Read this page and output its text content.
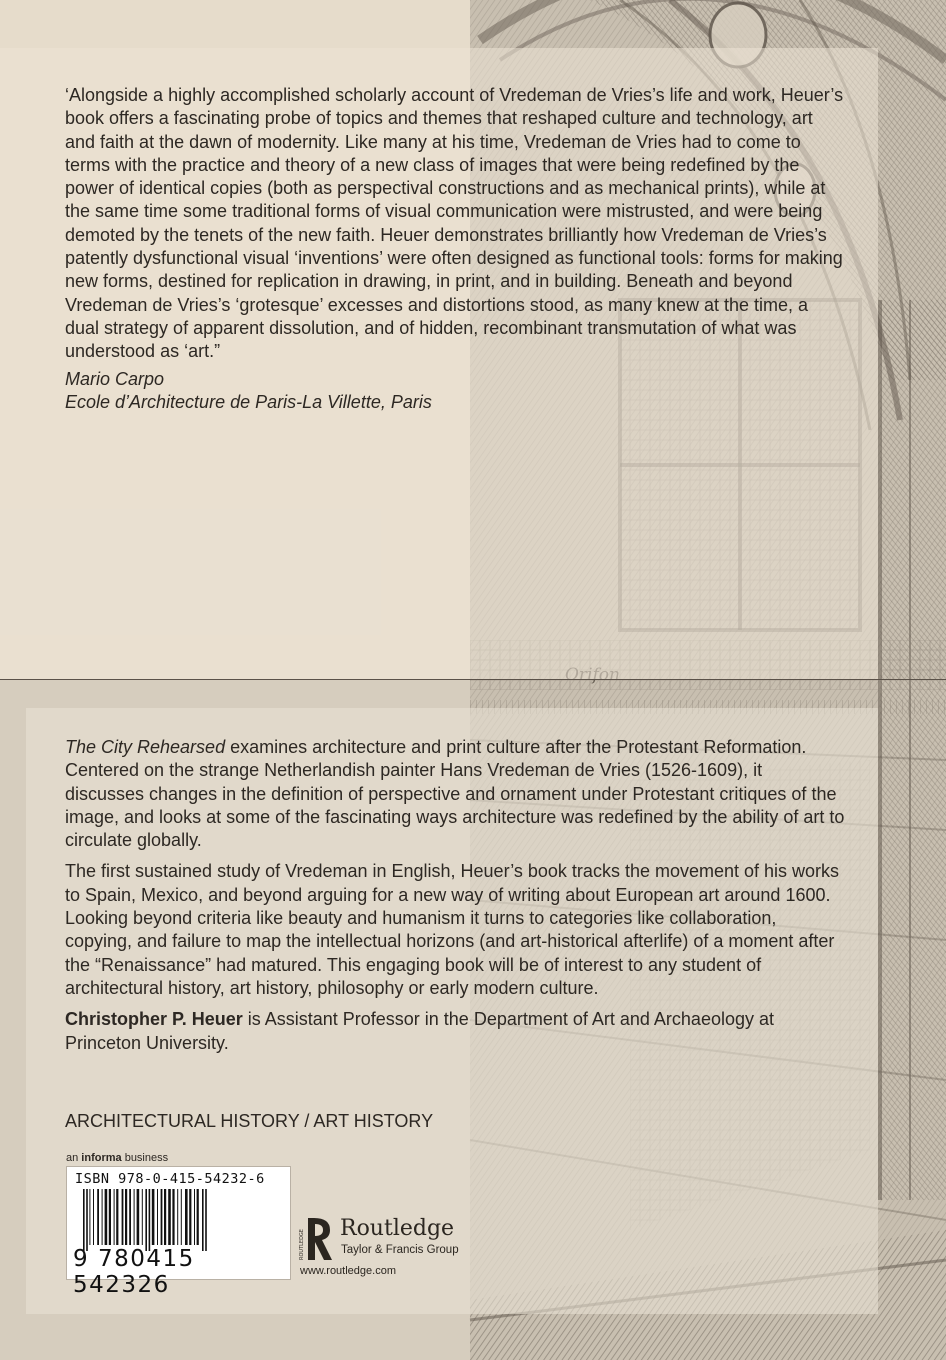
‘Alongside a highly accomplished scholarly account of Vredeman de Vries’s life and work, Heuer’s book offers a fascinating probe of topics and themes that reshaped culture and technology, art and faith at the dawn of modernity. Like many at his time, Vredeman de Vries had to come to terms with the practice and theory of a new class of images that were being redefined by the power of identical copies (both as perspectival constructions and as mechanical prints), while at the same time some traditional forms of visual communication were mistrusted, and were being demoted by the tenets of the new faith. Heuer demonstrates brilliantly how Vredeman de Vries’s patently dysfunctional visual ‘inventions’ were often designed as functional tools: forms for making new forms, destined for replication in drawing, in print, and in building. Beneath and beyond Vredeman de Vries’s ‘grotesque’ excesses and distortions stood, as many knew at the time, a dual strategy of apparent dissolution, and of hidden, recombinant transmutation of what was understood as ‘art.”

Mario Carpo

Ecole d’Architecture de Paris-La Villette, Paris

The City Rehearsed examines architecture and print culture after the Protestant Reformation. Centered on the strange Netherlandish painter Hans Vredeman de Vries (1526-1609), it discusses changes in the definition of perspective and ornament under Protestant critiques of the image, and looks at some of the fascinating ways architecture was redefined by the ability of art to circulate globally.

The first sustained study of Vredeman in English, Heuer’s book tracks the movement of his works to Spain, Mexico, and beyond arguing for a new way of writing about European art around 1600. Looking beyond criteria like beauty and humanism it turns to categories like collaboration, copying, and failure to map the intellectual horizons (and art-historical afterlife) of a moment after the “Renaissance” had matured. This engaging book will be of interest to any student of architectural history, art history, philosophy or early modern culture.

Christopher P. Heuer is Assistant Professor in the Department of Art and Archaeology at Princeton University.

ARCHITECTURAL HISTORY / ART HISTORY
an informa business
ISBN 978-0-415-54232-6
9 780415 542326
ROUTLEDGE
Routledge
Taylor & Francis Group
www.routledge.com
